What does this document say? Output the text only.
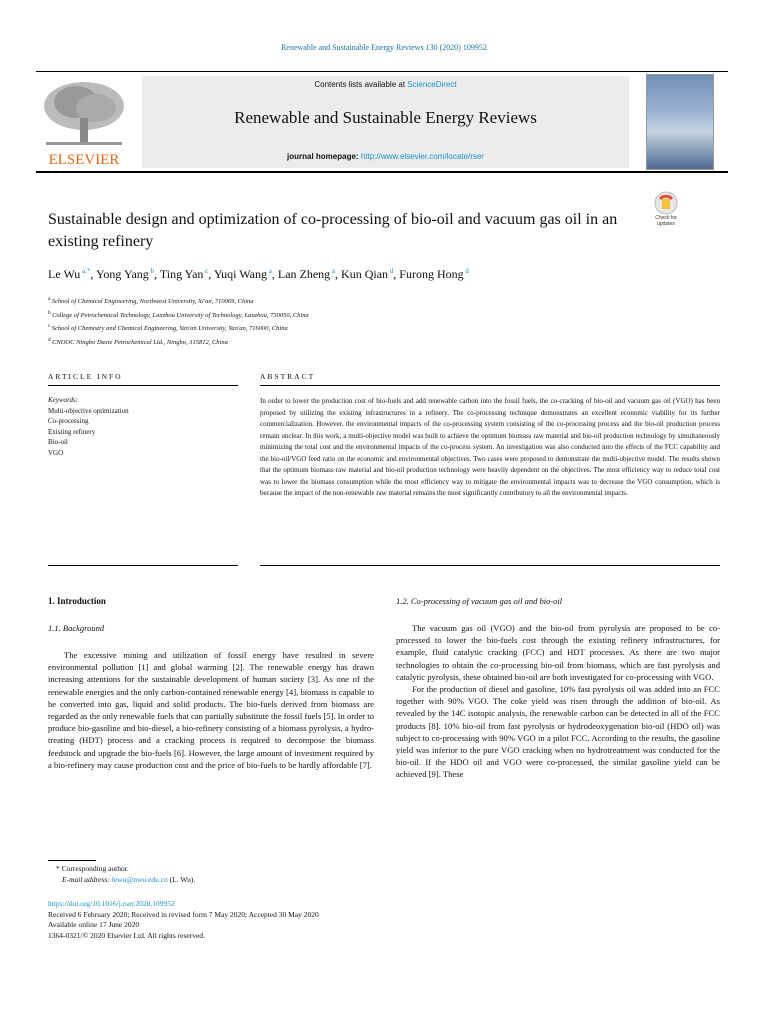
Renewable and Sustainable Energy Reviews 130 (2020) 109952
ELSEVIER
Contents lists available at ScienceDirect
Renewable and Sustainable Energy Reviews
journal homepage: http://www.elsevier.com/locate/rser
Check for updates
Sustainable design and optimization of co-processing of bio-oil and vacuum gas oil in an existing refinery
Le Wu $^{a,*}$, Yong Yang $^b$, Ting Yan $^c$, Yuqi Wang $^a$, Lan Zheng $^a$, Kun Qian $^d$, Furong Hong $^d$
$^a$ School of Chemical Engineering, Northwest University, Xi'an, 710069, China
$^b$ College of Petrochemical Technology, Lanzhou University of Technology, Lanzhou, 730050, China
$^c$ School of Chemistry and Chemical Engineering, Yan'an University, Yan'an, 716000, China
$^d$ CNOOC Ningbo Daxie Petrochemical Ltd., Ningbo, 315812, China
ARTICLE INFO	ABSTRACT
Keywords:
Multi-objective optimization
Co-processing
Existing refinery
Bio-oil
VGO
In order to lower the production cost of bio-fuels and add renewable carbon into the fossil fuels, the co-cracking of bio-oil and vacuum gas oil (VGO) has been proposed by utilizing the existing infrastructures in a refinery. The co-processing technique demonstrates an excellent economic viability for its further commercialization. However, the environmental impacts of the co-processing system consisting of the co-processing process and the bio-oil production process remain unclear. In this work, a multi-objective model was built to achieve the optimum biomass raw material and bio-oil production technology by simultaneously minimizing the total cost and the environmental impacts of the co-process system. An investigation was also conducted into the effects of the FCC capability and the bio-oil/VGO feed ratio on the economic and environmental objectives. Two cases were proposed to demonstrate the multi-objective model. The results shown that the optimum biomass raw material and bio-oil production technology were heavily dependent on the objectives. The most efficiency way to reduce total cost was to lower the biomass consumption while the most efficiency way to mitigate the environmental impacts was to decrease the VGO consumption, which is because the impact of the non-renewable raw material remains the most significantly contributory to all the environmental impacts.
1. Introduction
1.1. Background

The excessive mining and utilization of fossil energy have resulted in severe environmental pollution [1] and global warming [2]. The renewable energy has drawn increasing attentions for the sustainable development of human society [3]. As one of the renewable energies and the only carbon-contained renewable energy [4], biomass is capable to be converted into gas, liquid and solid products. The bio-fuels derived from biomass are regarded as the only renewable fuels that can partially substitute the fossil fuels [5]. In order to produce bio-gasoline and bio-diesel, a bio-refinery consisting of a biomass pyrolysis, a hydro-treating (HDT) process and a cracking process is required to decompose the biomass feedstock and upgrade the bio-fuels [6]. However, the large amount of investment required by a bio-refinery may cause production cost and the price of bio-fuels to be hardly affordable [7].

1.2. Co-processing of vacuum gas oil and bio-oil

The vacuum gas oil (VGO) and the bio-oil from pyrolysis are proposed to be co-processed to lower the bio-fuels cost through the existing refinery infrastructures, for example, fluid catalytic cracking (FCC) and HDT processes. As there are two major technologies to obtain the co-processing bio-oil from biomass, which are fast pyrolysis and catalytic pyrolysis, these obtained bio-oil are both investigated for co-processing with VGO.

For the production of diesel and gasoline, 10% fast pyrolysis oil was added into an FCC together with 90% VGO. The coke yield was risen through the addition of bio-oil. As revealed by the 14C isotopic analysis, the renewable carbon can be detected in all of the FCC products [8]. 10% bio-oil from fast pyrolysis or hydrodeoxygenation bio-oil (HDO oil) was subject to co-processing with 90% VGO in a pilot FCC. According to the results, the gasoline yield was inferior to the pure VGO cracking when no hydrotreatment was conducted for the bio-oil. If the HDO oil and VGO were co-processed, the similar gasoline yield can be achieved [9]. These

* Corresponding author.
E-mail address: lewu@nwu.edu.cn (L. Wu).
https://doi.org/10.1016/j.rser.2020.109952
Received 6 February 2020; Received in revised form 7 May 2020; Accepted 30 May 2020
Available online 17 June 2020
1364-0321/© 2020 Elsevier Ltd. All rights reserved.
